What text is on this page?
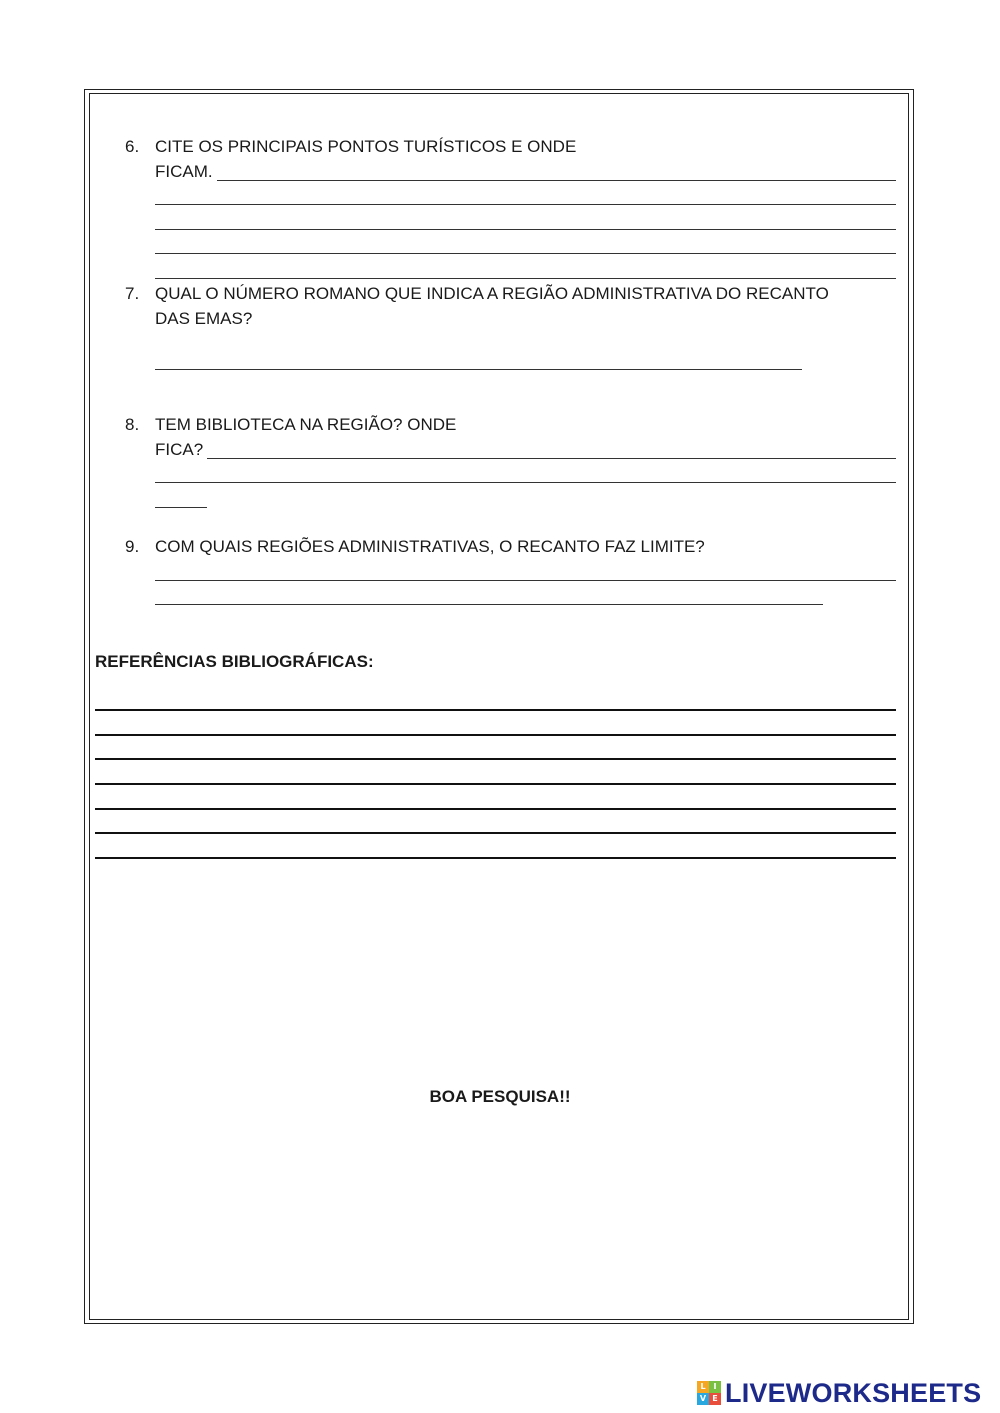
6. CITE OS PRINCIPAIS PONTOS TURÍSTICOS E ONDE
FICAM.
7. QUAL O NÚMERO ROMANO QUE INDICA A REGIÃO ADMINISTRATIVA DO RECANTO
DAS EMAS?
8. TEM BIBLIOTECA NA REGIÃO? ONDE
FICA?
9. COM QUAIS REGIÕES ADMINISTRATIVAS, O RECANTO FAZ LIMITE?
REFERÊNCIAS BIBLIOGRÁFICAS:
BOA PESQUISA!!
L I
V E LIVEWORKSHEETS
